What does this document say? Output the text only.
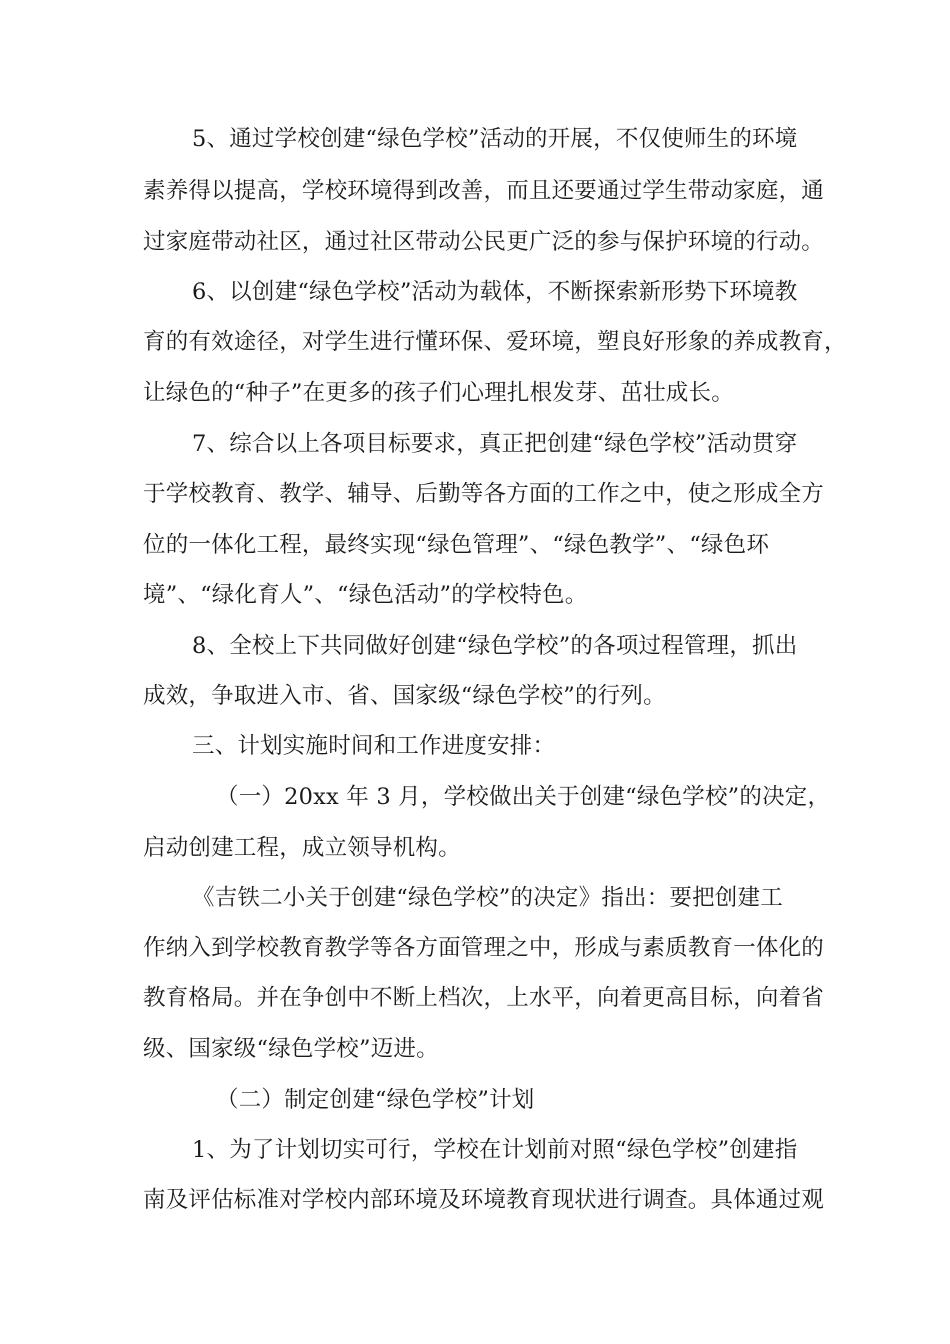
5、通过学校创建“绿色学校”活动的开展，不仅使师生的环境
素养得以提高，学校环境得到改善，而且还要通过学生带动家庭，通
过家庭带动社区，通过社区带动公民更广泛的参与保护环境的行动。
6、以创建“绿色学校”活动为载体，不断探索新形势下环境教
育的有效途径，对学生进行懂环保、爱环境，塑良好形象的养成教育，
让绿色的“种子”在更多的孩子们心理扎根发芽、茁壮成长。
7、综合以上各项目标要求，真正把创建“绿色学校”活动贯穿
于学校教育、教学、辅导、后勤等各方面的工作之中，使之形成全方
位的一体化工程，最终实现“绿色管理”、“绿色教学”、“绿色环
境”、“绿化育人”、“绿色活动”的学校特色。
8、全校上下共同做好创建“绿色学校”的各项过程管理，抓出
成效，争取进入市、省、国家级“绿色学校”的行列。
三、计划实施时间和工作进度安排：
（一）20xx 年 3 月，学校做出关于创建“绿色学校”的决定，
启动创建工程，成立领导机构。
《吉铁二小关于创建“绿色学校”的决定》指出：要把创建工
作纳入到学校教育教学等各方面管理之中，形成与素质教育一体化的
教育格局。并在争创中不断上档次，上水平，向着更高目标，向着省
级、国家级“绿色学校”迈进。
（二）制定创建“绿色学校”计划
1、为了计划切实可行，学校在计划前对照“绿色学校”创建指
南及评估标准对学校内部环境及环境教育现状进行调查。具体通过观
